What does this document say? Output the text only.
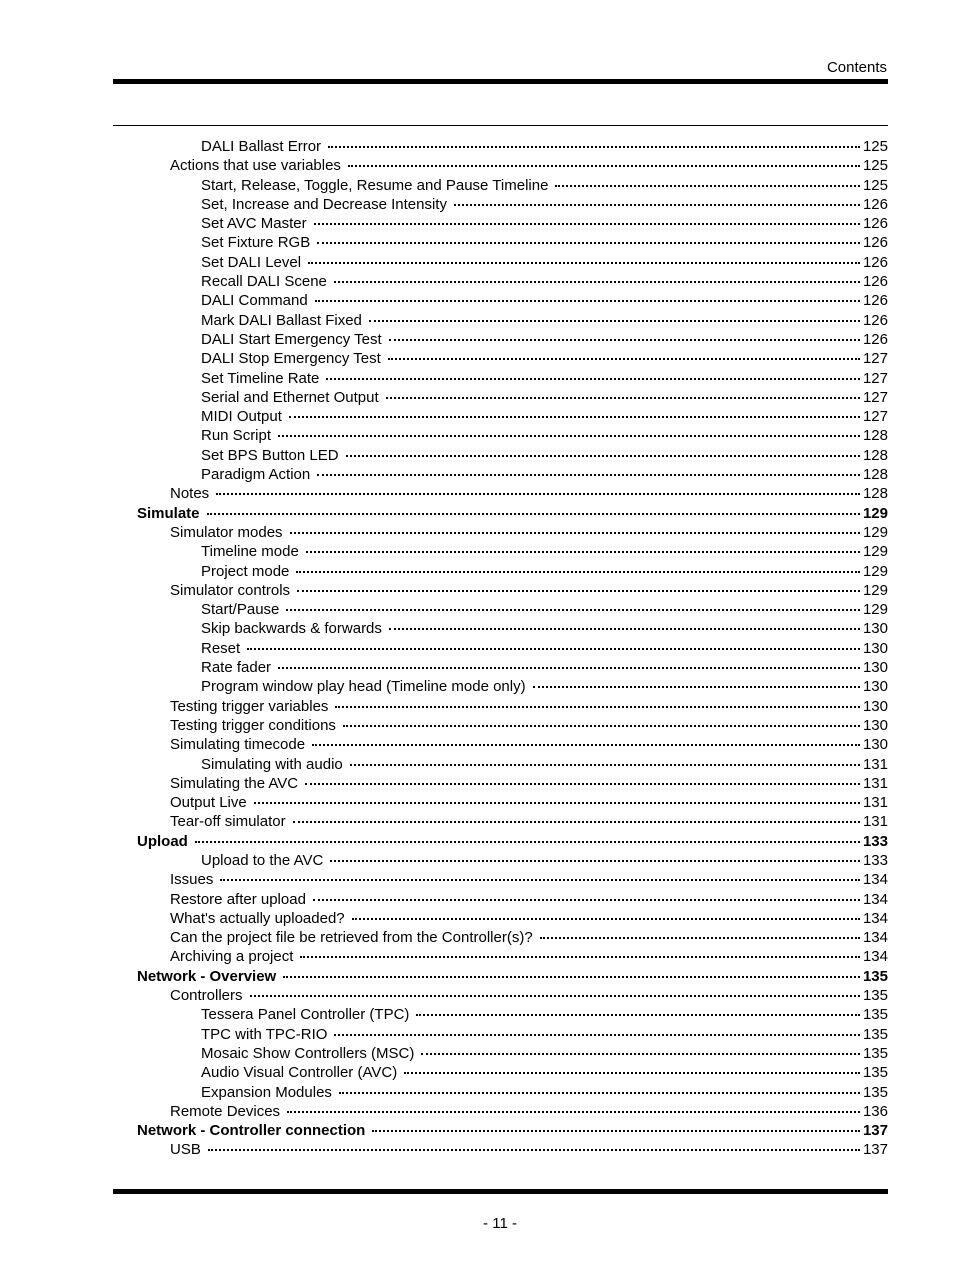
Contents
DALI Ballast Error	125
Actions that use variables	125
Start, Release, Toggle, Resume and Pause Timeline	125
Set, Increase and Decrease Intensity	126
Set AVC Master	126
Set Fixture RGB	126
Set DALI Level	126
Recall DALI Scene	126
DALI Command	126
Mark DALI Ballast Fixed	126
DALI Start Emergency Test	126
DALI Stop Emergency Test	127
Set Timeline Rate	127
Serial and Ethernet Output	127
MIDI Output	127
Run Script	128
Set BPS Button LED	128
Paradigm Action	128
Notes	128
Simulate	129
Simulator modes	129
Timeline mode	129
Project mode	129
Simulator controls	129
Start/Pause	129
Skip backwards & forwards	130
Reset	130
Rate fader	130
Program window play head (Timeline mode only)	130
Testing trigger variables	130
Testing trigger conditions	130
Simulating timecode	130
Simulating with audio	131
Simulating the AVC	131
Output Live	131
Tear-off simulator	131
Upload	133
Upload to the AVC	133
Issues	134
Restore after upload	134
What's actually uploaded?	134
Can the project file be retrieved from the Controller(s)?	134
Archiving a project	134
Network - Overview	135
Controllers	135
Tessera Panel Controller (TPC)	135
TPC with TPC-RIO	135
Mosaic Show Controllers (MSC)	135
Audio Visual Controller (AVC)	135
Expansion Modules	135
Remote Devices	136
Network - Controller connection	137
USB	137
- 11 -
